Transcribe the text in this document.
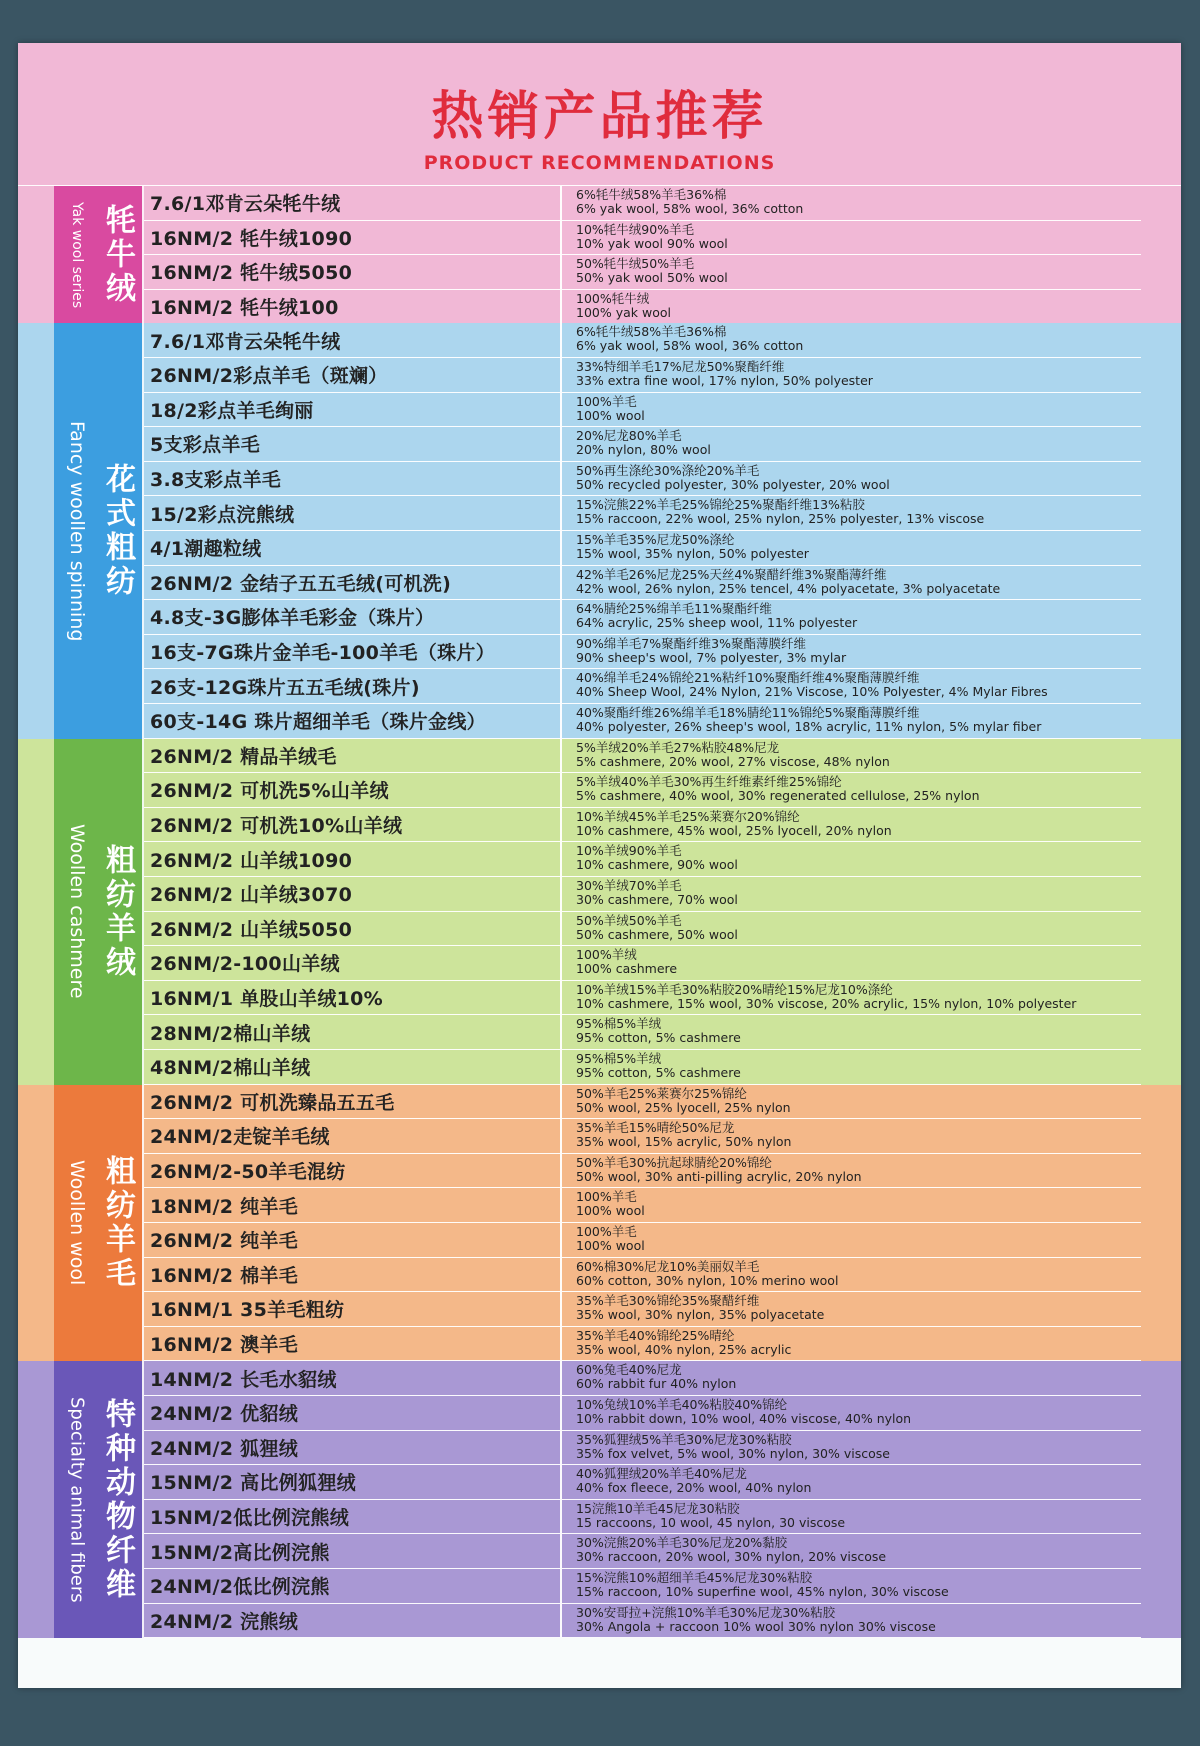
热销产品推荐
PRODUCT RECOMMENDATIONS
Yak wool series 牦牛绒 7.6/1邓肯云朵牦牛绒	6%牦牛绒58%羊毛36%棉
6% yak wool, 58% wool, 36% cotton
16NM/2 牦牛绒1090	10%牦牛绒90%羊毛
10% yak wool 90% wool
16NM/2 牦牛绒5050	50%牦牛绒50%羊毛
50% yak wool 50% wool
16NM/2 牦牛绒100	100%牦牛绒
100% yak wool
Fancy woollen spinning 花式粗纺
7.6/1邓肯云朵牦牛绒	6%牦牛绒58%羊毛36%棉
6% yak wool, 58% wool, 36% cotton
26NM/2彩点羊毛（斑斓）	33%特细羊毛17%尼龙50%聚酯纤维
33% extra fine wool, 17% nylon, 50% polyester
18/2彩点羊毛绚丽	100%羊毛
100% wool
5支彩点羊毛	20%尼龙80%羊毛
20% nylon, 80% wool
3.8支彩点羊毛	50%再生涤纶30%涤纶20%羊毛
50% recycled polyester, 30% polyester, 20% wool
15/2彩点浣熊绒	15%浣熊22%羊毛25%锦纶25%聚酯纤维13%粘胶
15% raccoon, 22% wool, 25% nylon, 25% polyester, 13% viscose
4/1潮趣粒绒	15%羊毛35%尼龙50%涤纶
15% wool, 35% nylon, 50% polyester
26NM/2 金结子五五毛绒(可机洗)	42%羊毛26%尼龙25%天丝4%聚醋纤维3%聚酯薄纤维
42% wool, 26% nylon, 25% tencel, 4% polyacetate, 3% polyacetate
4.8支-3G膨体羊毛彩金（珠片）	64%腈纶25%绵羊毛11%聚酯纤维
64% acrylic, 25% sheep wool, 11% polyester
16支-7G珠片金羊毛-100羊毛（珠片）	90%绵羊毛7%聚酯纤维3%聚酯薄膜纤维
90% sheep's wool, 7% polyester, 3% mylar
26支-12G珠片五五毛绒(珠片)	40%绵羊毛24%锦纶21%粘纤10%聚酯纤维4%聚酯薄膜纤维
40% Sheep Wool, 24% Nylon, 21% Viscose, 10% Polyester, 4% Mylar Fibres
60支-14G 珠片超细羊毛（珠片金线）	40%聚酯纤维26%绵羊毛18%腈纶11%锦纶5%聚酯薄膜纤维
40% polyester, 26% sheep's wool, 18% acrylic, 11% nylon, 5% mylar fiber
Woollen cashmere 粗纺羊绒
26NM/2 精品羊绒毛	5%羊绒20%羊毛27%粘胶48%尼龙
5% cashmere, 20% wool, 27% viscose, 48% nylon
26NM/2 可机洗5%山羊绒	5%羊绒40%羊毛30%再生纤维素纤维25%锦纶
5% cashmere, 40% wool, 30% regenerated cellulose, 25% nylon
26NM/2 可机洗10%山羊绒	10%羊绒45%羊毛25%莱赛尔20%锦纶
10% cashmere, 45% wool, 25% lyocell, 20% nylon
26NM/2 山羊绒1090	10%羊绒90%羊毛
10% cashmere, 90% wool
26NM/2 山羊绒3070	30%羊绒70%羊毛
30% cashmere, 70% wool
26NM/2 山羊绒5050	50%羊绒50%羊毛
50% cashmere, 50% wool
26NM/2-100山羊绒	100%羊绒
100% cashmere
16NM/1 单股山羊绒10%	10%羊绒15%羊毛30%粘胶20%晴纶15%尼龙10%涤纶
10% cashmere, 15% wool, 30% viscose, 20% acrylic, 15% nylon, 10% polyester
28NM/2棉山羊绒	95%棉5%羊绒
95% cotton, 5% cashmere
48NM/2棉山羊绒	95%棉5%羊绒
95% cotton, 5% cashmere
Woollen wool 粗纺羊毛
26NM/2 可机洗臻品五五毛	50%羊毛25%莱赛尔25%锦纶
50% wool, 25% lyocell, 25% nylon
24NM/2走锭羊毛绒	35%羊毛15%晴纶50%尼龙
35% wool, 15% acrylic, 50% nylon
26NM/2-50羊毛混纺	50%羊毛30%抗起球腈纶20%锦纶
50% wool, 30% anti-pilling acrylic, 20% nylon
18NM/2 纯羊毛	100%羊毛
100% wool
26NM/2 纯羊毛	100%羊毛
100% wool
16NM/2 棉羊毛	60%棉30%尼龙10%美丽奴羊毛
60% cotton, 30% nylon, 10% merino wool
16NM/1 35羊毛粗纺	35%羊毛30%锦纶35%聚醋纤维
35% wool, 30% nylon, 35% polyacetate
16NM/2 澳羊毛	35%羊毛40%锦纶25%晴纶
35% wool, 40% nylon, 25% acrylic
Specialty animal fibers 特种动物纤维
14NM/2 长毛水貂绒	60%兔毛40%尼龙
60% rabbit fur 40% nylon
24NM/2 优貂绒	10%兔绒10%羊毛40%粘胶40%锦纶
10% rabbit down, 10% wool, 40% viscose, 40% nylon
24NM/2 狐狸绒	35%狐狸绒5%羊毛30%尼龙30%粘胶
35% fox velvet, 5% wool, 30% nylon, 30% viscose
15NM/2 高比例狐狸绒	40%狐狸绒20%羊毛40%尼龙
40% fox fleece, 20% wool, 40% nylon
15NM/2低比例浣熊绒	15浣熊10羊毛45尼龙30粘胶
15 raccoons, 10 wool, 45 nylon, 30 viscose
15NM/2高比例浣熊	30%浣熊20%羊毛30%尼龙20%黏胶
30% raccoon, 20% wool, 30% nylon, 20% viscose
24NM/2低比例浣熊	15%浣熊10%超细羊毛45%尼龙30%粘胶
15% raccoon, 10% superfine wool, 45% nylon, 30% viscose
24NM/2 浣熊绒	30%安哥拉+浣熊10%羊毛30%尼龙30%粘胶
30% Angola + raccoon 10% wool 30% nylon 30% viscose
